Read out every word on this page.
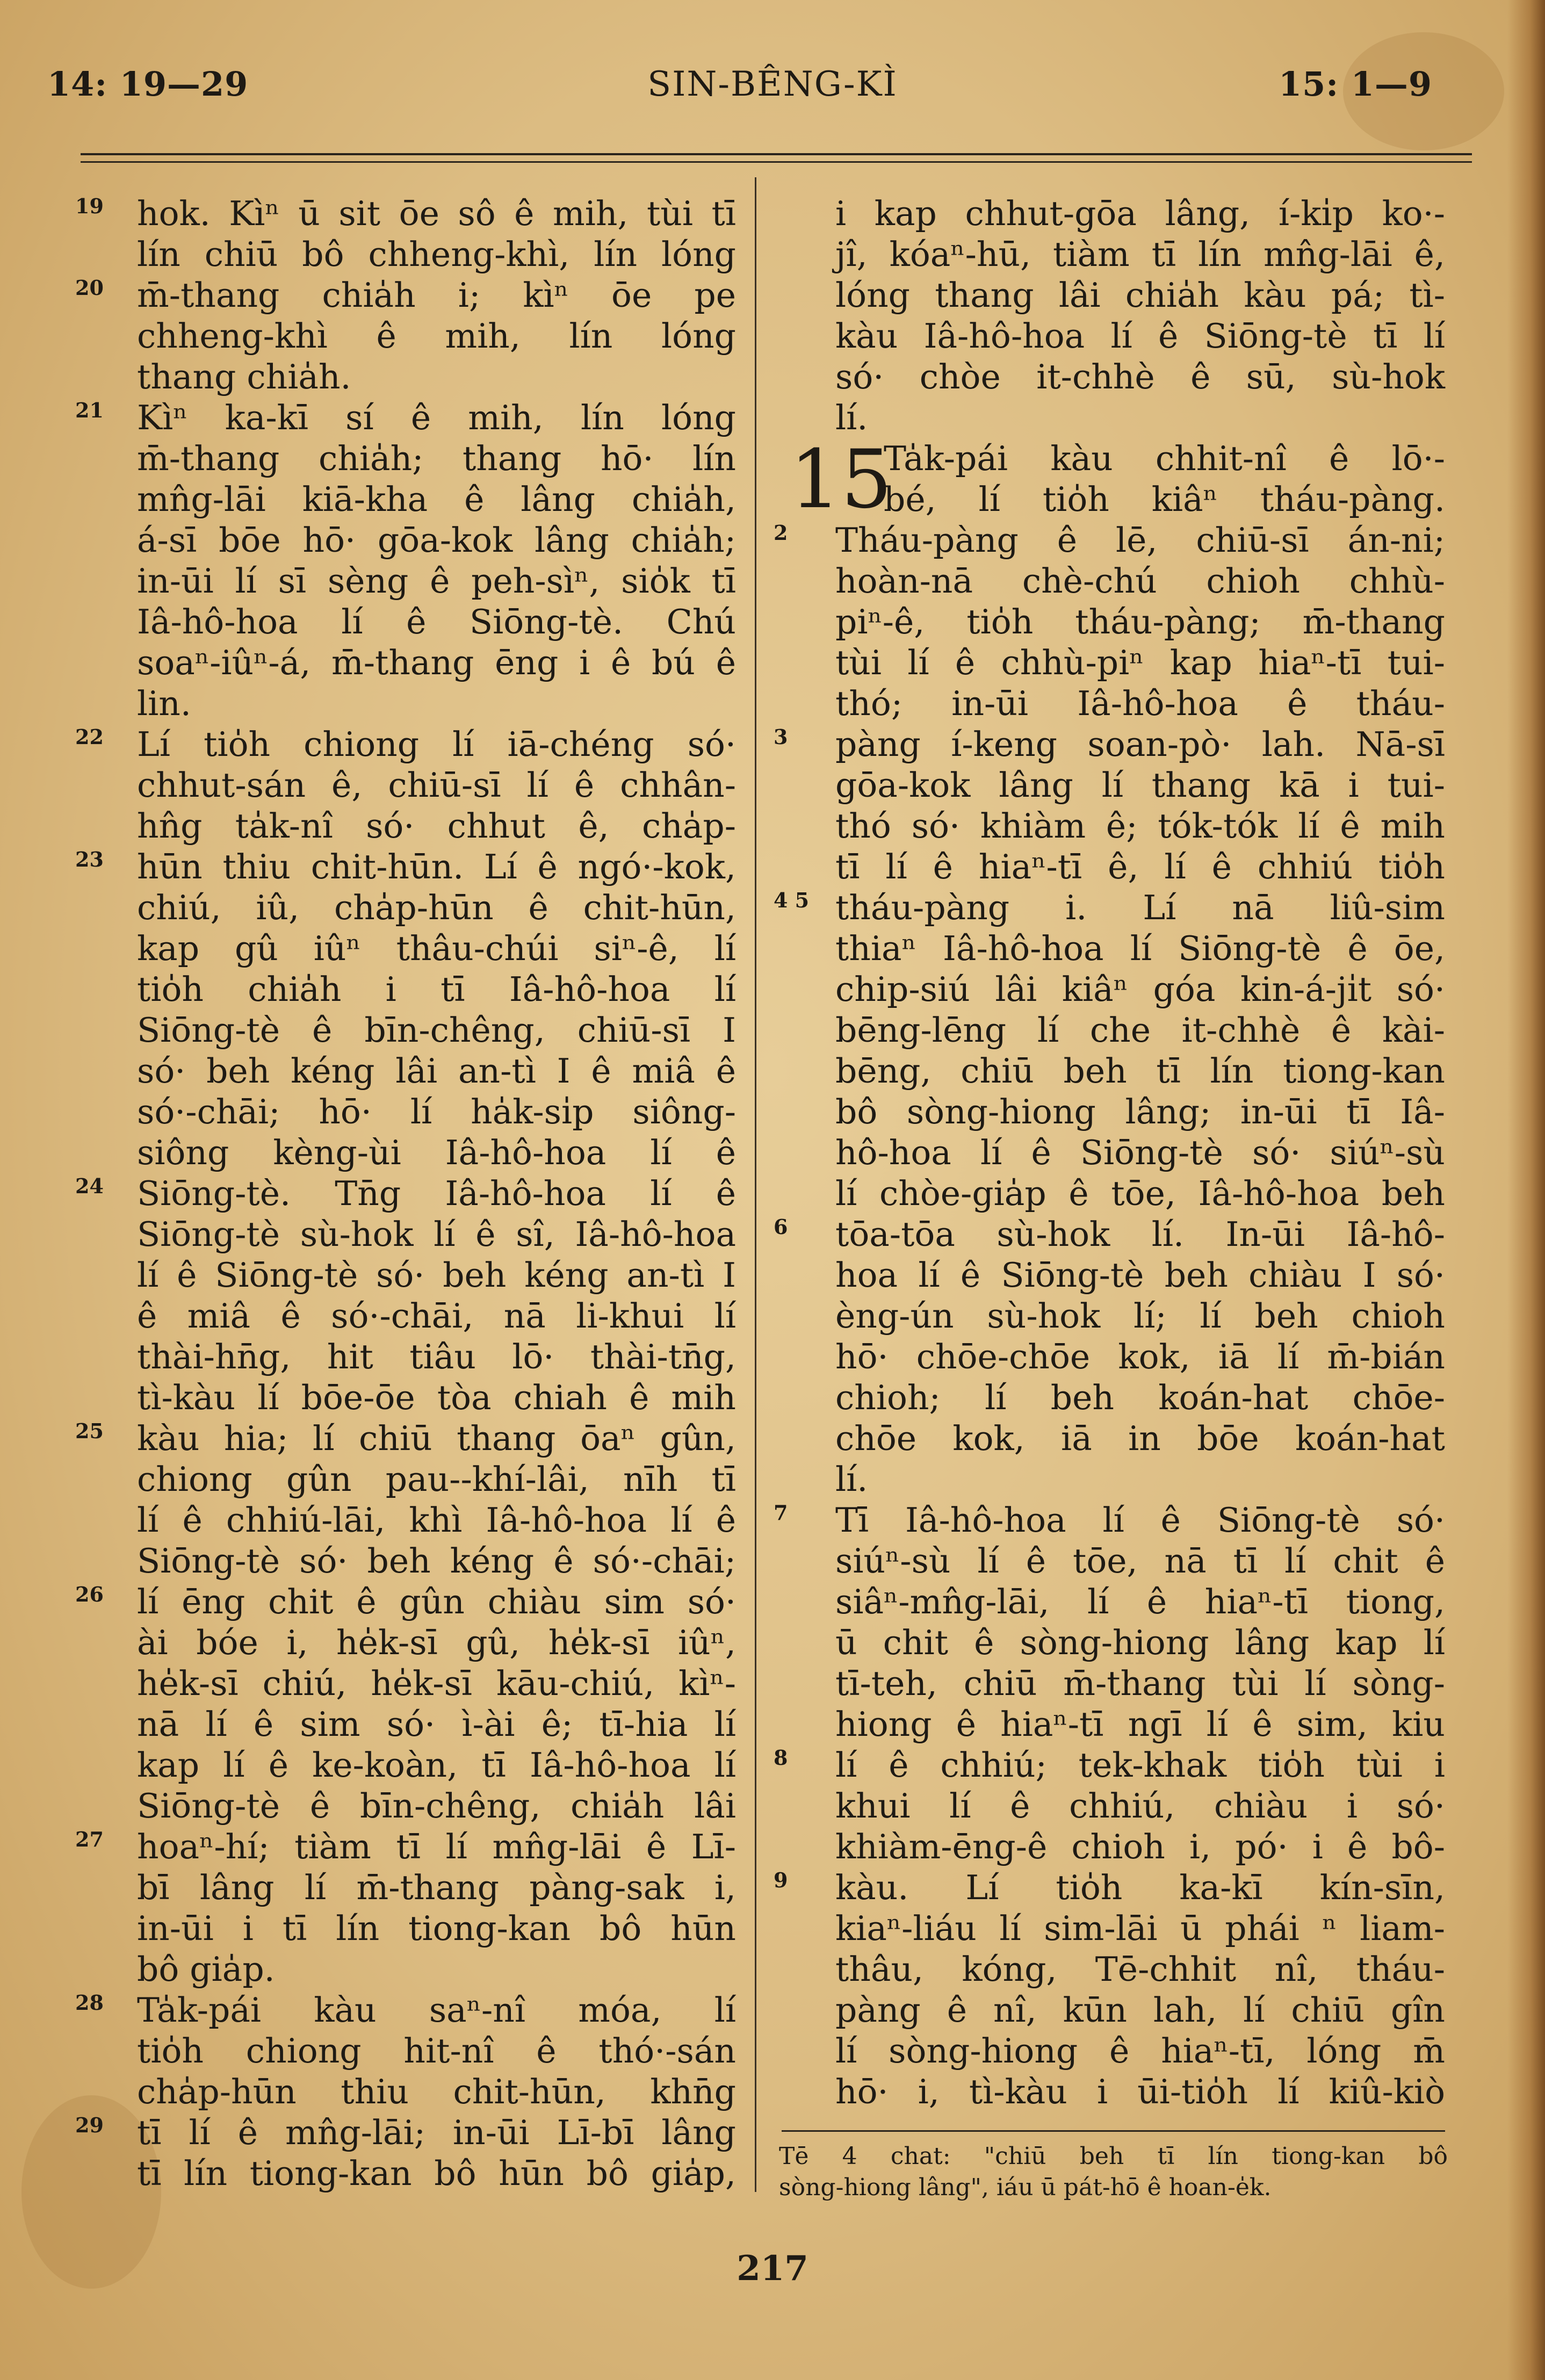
14: 19—29	SIN-BÊNG-KÌ	15: 1—9
19 hok. Kìⁿ ū sit ōe sô ê mih, tùi tī
lín chiū bô chheng-khì, lín lóng
20 m̄-thang chia̍h i; kìⁿ ōe pe
chheng-khì ê mih, lín lóng
thang chia̍h.
21 Kìⁿ ka-kī sí ê mih, lín lóng
m̄-thang chia̍h; thang hō· lín
mn̂g-lāi kiā-kha ê lâng chia̍h,
á-sī bōe hō· gōa-kok lâng chia̍h;
in-ūi lí sī sèng ê peh-sìⁿ, sio̍k tī
Iâ-hô-hoa lí ê Siōng-tè. Chú
soaⁿ-iûⁿ-á, m̄-thang ēng i ê bú ê
lin.
22 Lí tio̍h chiong lí iā-chéng só·
chhut-sán ê, chiū-sī lí ê chhân-
hn̂g ta̍k-nî só· chhut ê, cha̍p-
23 hūn thiu chit-hūn. Lí ê ngó·-kok,
chiú, iû, cha̍p-hūn ê chit-hūn,
kap gû iûⁿ thâu-chúi siⁿ-ê, lí
tio̍h chia̍h i tī Iâ-hô-hoa lí
Siōng-tè ê bīn-chêng, chiū-sī I
só· beh kéng lâi an-tì I ê miâ ê
só·-chāi; hō· lí ha̍k-si̍p siông-
siông kèng-ùi Iâ-hô-hoa lí ê
24 Siōng-tè. Tn̄g Iâ-hô-hoa lí ê
Siōng-tè sù-hok lí ê sî, Iâ-hô-hoa
lí ê Siōng-tè só· beh kéng an-tì I
ê miâ ê só·-chāi, nā li-khui lí
thài-hn̄g, hit tiâu lō· thài-tn̄g,
tì-kàu lí bōe-ōe tòa chiah ê mih
25 kàu hia; lí chiū thang ōaⁿ gûn,
chiong gûn pau--khí-lâi, nīh tī
lí ê chhiú-lāi, khì Iâ-hô-hoa lí ê
Siōng-tè só· beh kéng ê só·-chāi;
26 lí ēng chit ê gûn chiàu sim só·
ài bóe i, he̍k-sī gû, he̍k-sī iûⁿ,
he̍k-sī chiú, he̍k-sī kāu-chiú, kìⁿ-
nā lí ê sim só· ì-ài ê; tī-hia lí
kap lí ê ke-koàn, tī Iâ-hô-hoa lí
Siōng-tè ê bīn-chêng, chia̍h lâi
27 hoaⁿ-hí; tiàm tī lí mn̂g-lāi ê Lī-
bī lâng lí m̄-thang pàng-sak i,
in-ūi i tī lín tiong-kan bô hūn
bô gia̍p.
28 Ta̍k-pái kàu saⁿ-nî móa, lí
tio̍h chiong hit-nî ê thó·-sán
cha̍p-hūn thiu chit-hūn, khn̄g
29 tī lí ê mn̂g-lāi; in-ūi Lī-bī lâng
tī lín tiong-kan bô hūn bô gia̍p,
i kap chhut-gōa lâng, í-ki̍p ko·-
jî, kóaⁿ-hū, tiàm tī lín mn̂g-lāi ê,
lóng thang lâi chia̍h kàu pá; tì-
kàu Iâ-hô-hoa lí ê Siōng-tè tī lí
só· chòe it-chhè ê sū, sù-hok
lí.
15
Ta̍k-pái kàu chhit-nî ê lō·-
bé, lí tio̍h kiâⁿ tháu-pàng.
2 Tháu-pàng ê lē, chiū-sī án-ni;
hoàn-nā chè-chú chioh chhù-
piⁿ-ê, tio̍h tháu-pàng; m̄-thang
tùi lí ê chhù-piⁿ kap hiaⁿ-tī tui-
thó; in-ūi Iâ-hô-hoa ê tháu-
3 pàng í-keng soan-pò· lah. Nā-sī
gōa-kok lâng lí thang kā i tui-
thó só· khiàm ê; tók-tók lí ê mih
tī lí ê hiaⁿ-tī ê, lí ê chhiú tio̍h
4 5 tháu-pàng i. Lí nā liû-sim
thiaⁿ Iâ-hô-hoa lí Siōng-tè ê ōe,
chip-siú lâi kiâⁿ góa kin-á-ji̍t só·
bēng-lēng lí che it-chhè ê kài-
bēng, chiū beh tī lín tiong-kan
bô sòng-hiong lâng; in-ūi tī Iâ-
hô-hoa lí ê Siōng-tè só· siúⁿ-sù
lí chòe-gia̍p ê tōe, Iâ-hô-hoa beh
6 tōa-tōa sù-hok lí. In-ūi Iâ-hô-
hoa lí ê Siōng-tè beh chiàu I só·
èng-ún sù-hok lí; lí beh chioh
hō· chōe-chōe kok, iā lí m̄-bián
chioh; lí beh koán-hat chōe-
chōe kok, iā in bōe koán-hat
lí.
7 Tī Iâ-hô-hoa lí ê Siōng-tè só·
siúⁿ-sù lí ê tōe, nā tī lí chit ê
siâⁿ-mn̂g-lāi, lí ê hiaⁿ-tī tiong,
ū chit ê sòng-hiong lâng kap lí
tī-teh, chiū m̄-thang tùi lí sòng-
hiong ê hiaⁿ-tī ngī lí ê sim, kiu
8 lí ê chhiú; tek-khak tio̍h tùi i
khui lí ê chhiú, chiàu i só·
khiàm-ēng-ê chioh i, pó· i ê bô-
9 kàu. Lí tio̍h ka-kī kín-sīn,
kiaⁿ-liáu lí sim-lāi ū phái ⁿ liam-
thâu, kóng, Tē-chhit nî, tháu-
pàng ê nî, kūn lah, lí chiū gîn
lí sòng-hiong ê hiaⁿ-tī, lóng m̄
hō· i, tì-kàu i ūi-tio̍h lí kiû-kiò
Tē 4 chat: "chiū beh tī lín tiong-kan bô
sòng-hiong lâng", iáu ū pát-hō ê hoan-e̍k.
217
